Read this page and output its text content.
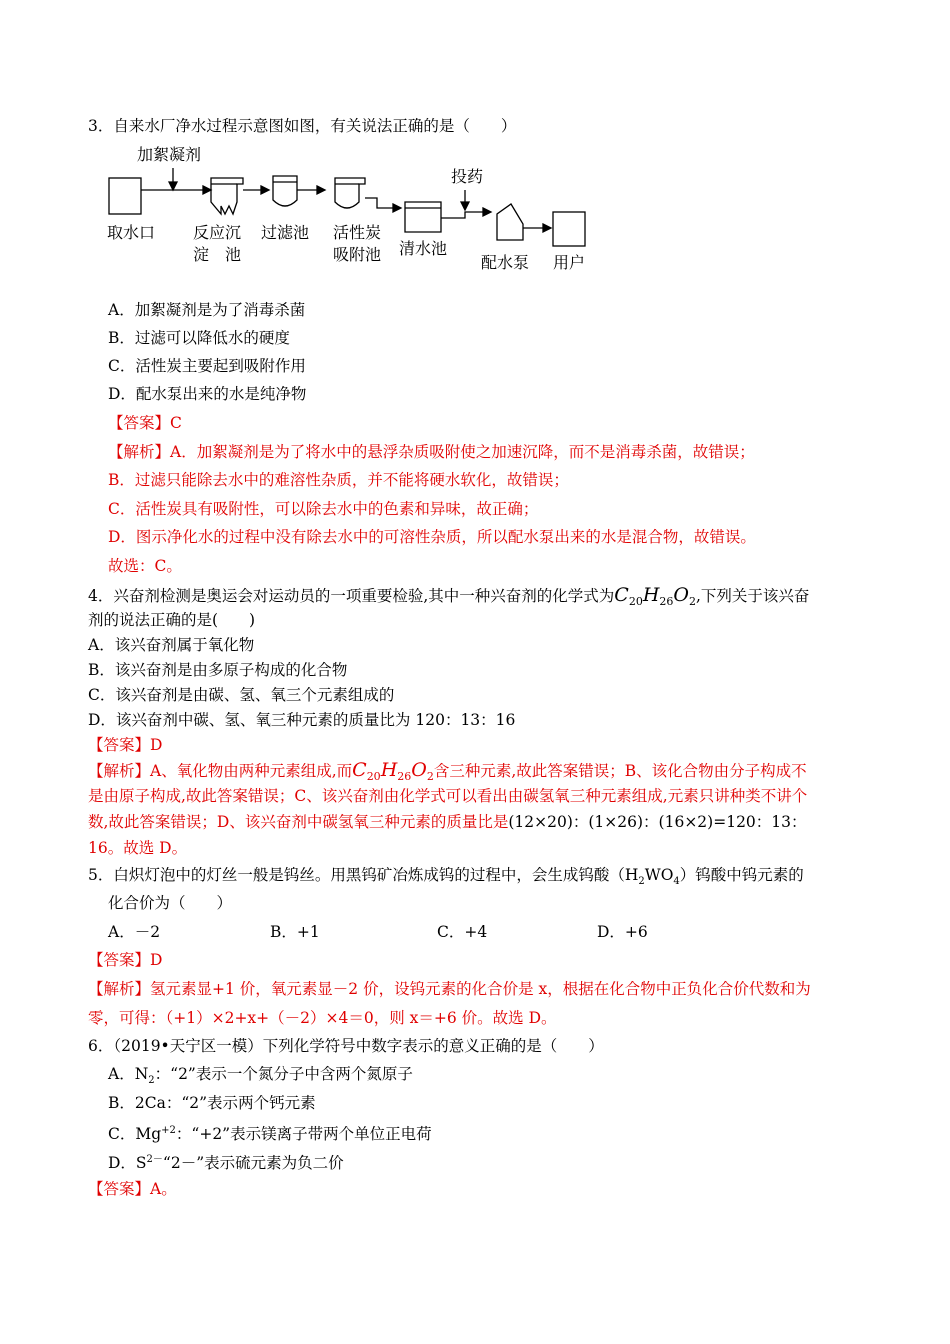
3．自来水厂净水过程示意图如图，有关说法正确的是（　　）
加絮凝剂
投药
取水口 反应沉
淀　池
过滤池 活性炭
吸附池 清水池
配水泵 用户
A．加絮凝剂是为了消毒杀菌
B．过滤可以降低水的硬度
C．活性炭主要起到吸附作用
D．配水泵出来的水是纯净物
【答案】C
【解析】A．加絮凝剂是为了将水中的悬浮杂质吸附使之加速沉降，而不是消毒杀菌，故错误；
B．过滤只能除去水中的难溶性杂质，并不能将硬水软化，故错误；
C．活性炭具有吸附性，可以除去水中的色素和异味，故正确；
D．图示净化水的过程中没有除去水中的可溶性杂质，所以配水泵出来的水是混合物，故错误。
故选：C。
4．兴奋剂检测是奥运会对运动员的一项重要检验,其中一种兴奋剂的化学式为$C_{20}H_{26}O_2$,下列关于该兴奋
剂的说法正确的是(　　)
A．该兴奋剂属于氧化物
B．该兴奋剂是由多原子构成的化合物
C．该兴奋剂是由碳、氢、氧三个元素组成的
D．该兴奋剂中碳、氢、氧三种元素的质量比为 120：13：16
【答案】D
【解析】A、氧化物由两种元素组成,而$C_{20}H_{26}O_2$含三种元素,故此答案错误；B、该化合物由分子构成不
是由原子构成,故此答案错误；C、该兴奋剂由化学式可以看出由碳氢氧三种元素组成,元素只讲种类不讲个
数,故此答案错误；D、该兴奋剂中碳氢氧三种元素的质量比是(12×20)：(1×26)：(16×2)=120：13：
16。故选 D。
5．白炽灯泡中的灯丝一般是钨丝。用黑钨矿冶炼成钨的过程中，会生成钨酸$(H_2WO_4)$钨酸中钨元素的
化合价为（　　）
A．－2	B．+1	C．+4	D．+6
【答案】D
【解析】氢元素显+1 价，氧元素显－2 价，设钨元素的化合价是 x，根据在化合物中正负化合价代数和为
零，可得：（+1）×2+x+（－2）×4＝0，则 x＝+6 价。故选 D。
6．（2019•天宁区一模）下列化学符号中数字表示的意义正确的是（　　）
A．$N_2$：“2”表示一个氮分子中含两个氮原子
B．2Ca：“2”表示两个钙元素
C．$Mg^{+2}$：“+2”表示镁离子带两个单位正电荷
D．$S^{2-}“2-$”表示硫元素为负二价
【答案】A。
